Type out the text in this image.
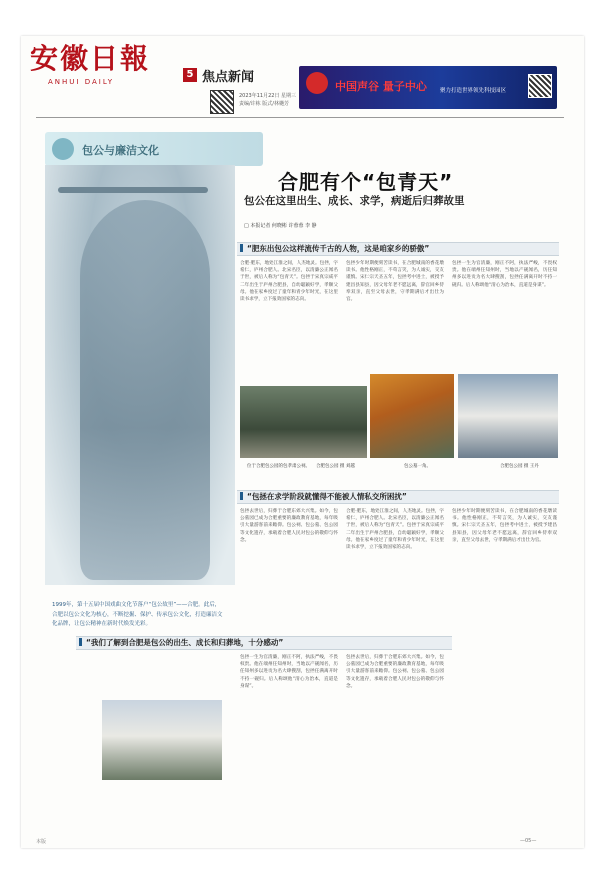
安徽日報
ANHUI DAILY
5 焦点新闻
2023年11月22日 星期三
责编/许栋 版式/林樾芳
中国声谷 量子中心 聚力打造世界领先科技园区
包公与廉洁文化
1999年，第十五届中国戏曲文化节落户“包公故里”——合肥。此后，合肥以包公文化为核心，不断挖掘、保护、传承包公文化，打造廉洁文化品牌，让包公精神在新时代焕发光彩。
合肥有个“包青天”
包公在这里出生、成长、求学，病逝后归葬故里
□ 本报记者 何晓彬 许蓉蓉 李 静
“肥东出包公这样流传千古的人物，这是咱家乡的骄傲”
合肥·肥东，地处江淮之间，人杰地灵。包拯，字希仁，庐州合肥人。北宋名臣，以清廉公正闻名于世，被后人称为“包青天”。包拯于宋真宗咸平二年出生于庐州合肥县，自幼聪颖好学，孝顺父母。他在家乡度过了童年和青少年时光，在这里读书求学，立下报效国家的志向。
包拯少年时期便刻苦读书，在合肥城南的香花墩读书。他性格刚正，不苟言笑，为人诚实，交友谨慎。宋仁宗天圣五年，包拯考中进士，被授予建昌县知县，因父母年老不愿远离，辞官回乡侍奉双亲，直至父母去世，守孝期满后才出仕为官。
包拯一生为官清廉，刚正不阿，执法严峻，不畏权贵。他在端州任知州时，当地以产砚闻名，历任知州多以进贡为名大肆搜刮，包拯任满离开时不持一砚归。后人称颂他“清心为治本，直道是身谋”。
位于合肥包公园的包孝肃公祠。 合肥包公园 摄 刘越	包公墓一角。	合肥包公园 摄 王丹
“包拯在求学阶段就懂得不能被人情私交所困扰”
包拯去世后，归葬于合肥东郊大兴集。如今，包公墓园已成为合肥重要的廉政教育基地，每年吸引大量游客前来瞻仰。包公祠、包公墓、包公园等文化遗存，承载着合肥人民对包公的敬仰与怀念。
合肥·肥东，地处江淮之间，人杰地灵。包拯，字希仁，庐州合肥人。北宋名臣，以清廉公正闻名于世，被后人称为“包青天”。包拯于宋真宗咸平二年出生于庐州合肥县，自幼聪颖好学，孝顺父母。他在家乡度过了童年和青少年时光，在这里读书求学，立下报效国家的志向。
包拯少年时期便刻苦读书，在合肥城南的香花墩读书。他性格刚正，不苟言笑，为人诚实，交友谨慎。宋仁宗天圣五年，包拯考中进士，被授予建昌县知县，因父母年老不愿远离，辞官回乡侍奉双亲，直至父母去世，守孝期满后才出仕为官。
“我们了解到合肥是包公的出生、成长和归葬地，十分感动”
包拯一生为官清廉，刚正不阿，执法严峻，不畏权贵。他在端州任知州时，当地以产砚闻名，历任知州多以进贡为名大肆搜刮，包拯任满离开时不持一砚归。后人称颂他“清心为治本，直道是身谋”。
包拯去世后，归葬于合肥东郊大兴集。如今，包公墓园已成为合肥重要的廉政教育基地，每年吸引大量游客前来瞻仰。包公祠、包公墓、包公园等文化遗存，承载着合肥人民对包公的敬仰与怀念。
本版	—05—
